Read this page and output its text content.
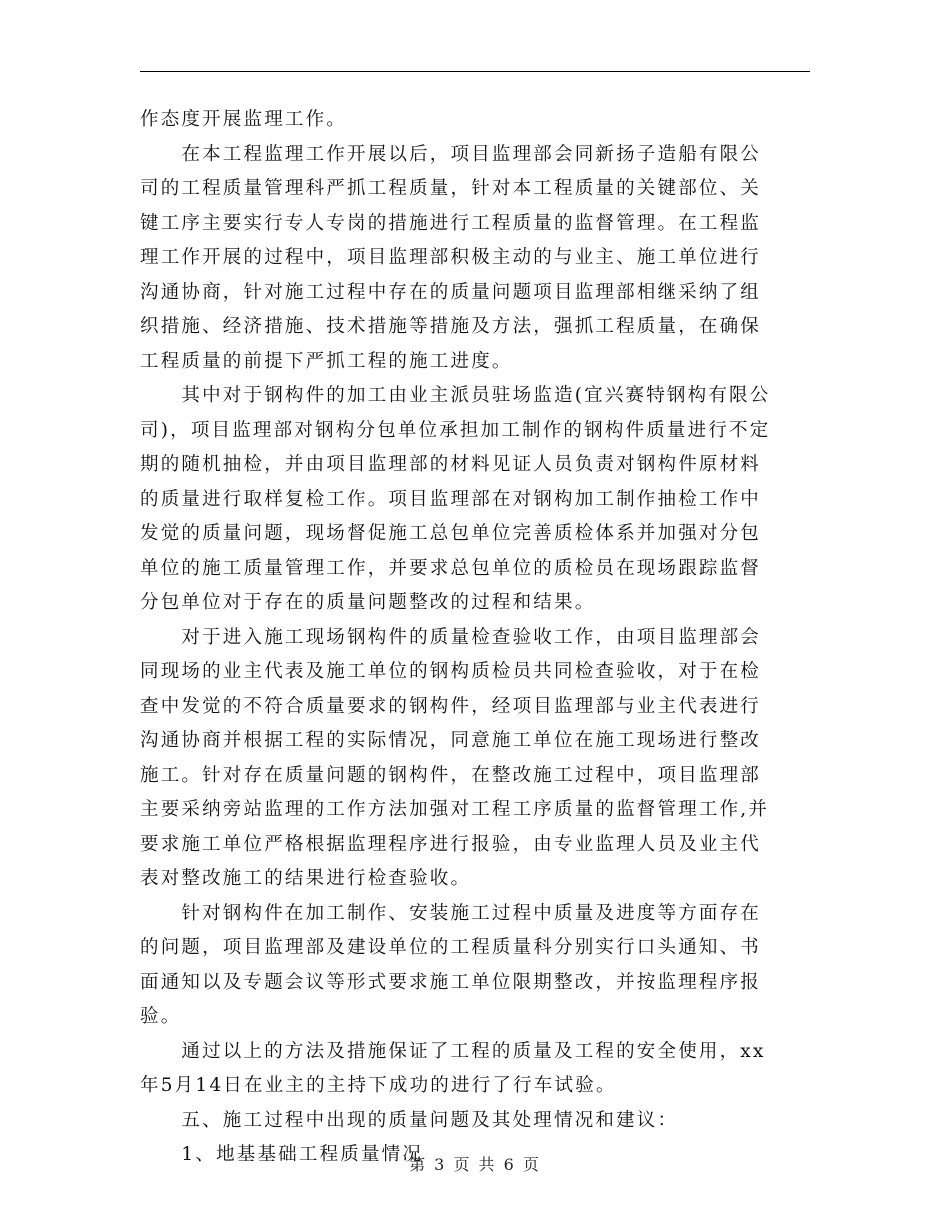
作态度开展监理工作。

　　在本工程监理工作开展以后，项目监理部会同新扬子造船有限公
司的工程质量管理科严抓工程质量，针对本工程质量的关键部位、关
键工序主要实行专人专岗的措施进行工程质量的监督管理。在工程监
理工作开展的过程中，项目监理部积极主动的与业主、施工单位进行
沟通协商，针对施工过程中存在的质量问题项目监理部相继采纳了组
织措施、经济措施、技术措施等措施及方法，强抓工程质量，在确保
工程质量的前提下严抓工程的施工进度。

　　其中对于钢构件的加工由业主派员驻场监造(宜兴赛特钢构有限公
司)，项目监理部对钢构分包单位承担加工制作的钢构件质量进行不定
期的随机抽检，并由项目监理部的材料见证人员负责对钢构件原材料
的质量进行取样复检工作。项目监理部在对钢构加工制作抽检工作中
发觉的质量问题，现场督促施工总包单位完善质检体系并加强对分包
单位的施工质量管理工作，并要求总包单位的质检员在现场跟踪监督
分包单位对于存在的质量问题整改的过程和结果。

　　对于进入施工现场钢构件的质量检查验收工作，由项目监理部会
同现场的业主代表及施工单位的钢构质检员共同检查验收，对于在检
查中发觉的不符合质量要求的钢构件，经项目监理部与业主代表进行
沟通协商并根据工程的实际情况，同意施工单位在施工现场进行整改
施工。针对存在质量问题的钢构件，在整改施工过程中，项目监理部
主要采纳旁站监理的工作方法加强对工程工序质量的监督管理工作,并
要求施工单位严格根据监理程序进行报验，由专业监理人员及业主代
表对整改施工的结果进行检查验收。

　　针对钢构件在加工制作、安装施工过程中质量及进度等方面存在
的问题，项目监理部及建设单位的工程质量科分别实行口头通知、书
面通知以及专题会议等形式要求施工单位限期整改，并按监理程序报
验。

　　通过以上的方法及措施保证了工程的质量及工程的安全使用，xx
年5月14日在业主的主持下成功的进行了行车试验。

　　五、施工过程中出现的质量问题及其处理情况和建议：

　　1、地基基础工程质量情况

第 3 页 共 6 页
